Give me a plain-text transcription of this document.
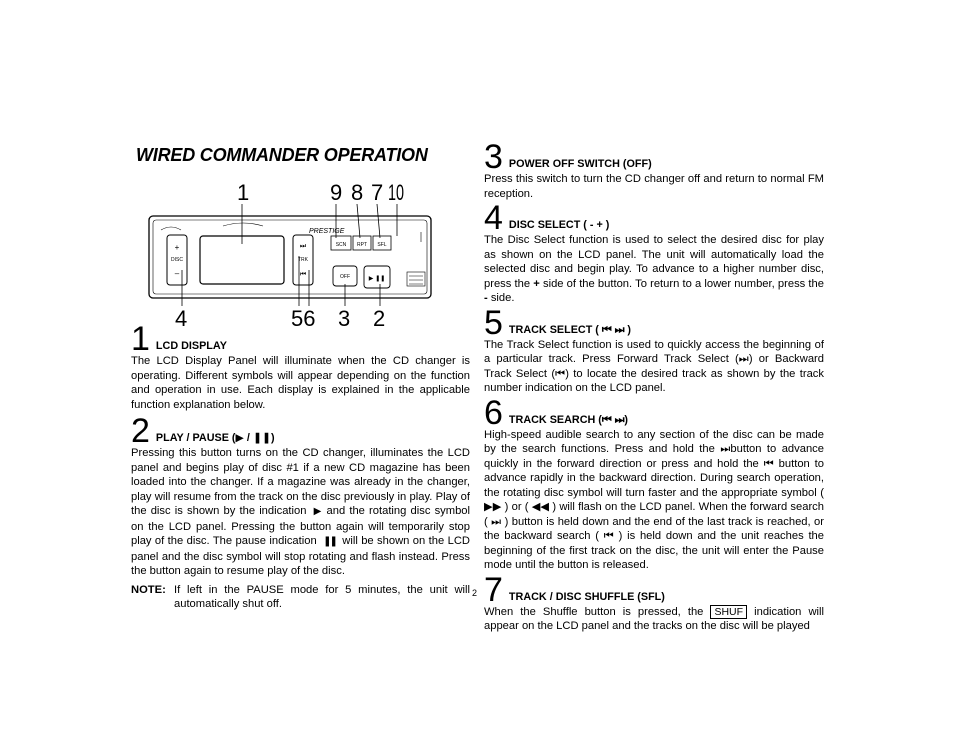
WIRED COMMANDER OPERATION
1	9 8 7 10
+
DISC
–
⏭
TRK
⏮
PRESTIGE
SCN RPT SFL
OFF	▶ ❚❚
4	56 3 2
1 LCD DISPLAY

The LCD Display Panel will illuminate when the CD changer is operating. Different symbols will appear depending on the function and operation in use. Each display is explained in the applicable function explanation below.

2 PLAY / PAUSE (▶ / ❚❚)

Pressing this button turns on the CD changer, illuminates the LCD panel and begins play of disc #1 if a new CD magazine has been loaded into the changer. If a magazine was already in the changer, play will resume from the track on the disc previously in play. Play of the disc is shown by the indication ▶ and the rotating disc symbol on the LCD panel. Pressing the button again will temporarily stop play of the disc. The pause indication ❚❚ will be shown on the LCD panel and the disc symbol will stop rotating and flash instead. Press the button again to resume play of the disc.

NOTE: If left in the PAUSE mode for 5 minutes, the unit will automatically shut off.
3 POWER OFF SWITCH (OFF)

Press this switch to turn the CD changer off and return to normal FM reception.

4 DISC SELECT ( - + )

The Disc Select function is used to select the desired disc for play as shown on the LCD panel. The unit will automatically load the selected disc and begin play. To advance to a higher number disc, press the + side of the button. To return to a lower number, press the - side.

5 TRACK SELECT ( ⏮ ⏭ )

The Track Select function is used to quickly access the beginning of a particular track. Press Forward Track Select (⏭) or Backward Track Select (⏮) to locate the desired track as shown by the track number indication on the LCD panel.

6 TRACK SEARCH (⏮ ⏭)

High-speed audible search to any section of the disc can be made by the search functions. Press and hold the ⏭button to advance quickly in the forward direction or press and hold the ⏮ button to advance rapidly in the backward direction. During search operation, the rotating disc symbol will turn faster and the appropriate symbol ( ▶▶ ) or ( ◀◀ ) will flash on the LCD panel. When the forward search ( ⏭ ) button is held down and the end of the last track is reached, or the backward search ( ⏮ ) is held down and the unit reaches the beginning of the first track on the disc, the unit will enter the Pause mode until the button is released.

7 TRACK / DISC SHUFFLE (SFL)

When the Shuffle button is pressed, the SHUF indication will appear on the LCD panel and the tracks on the disc will be played

2
